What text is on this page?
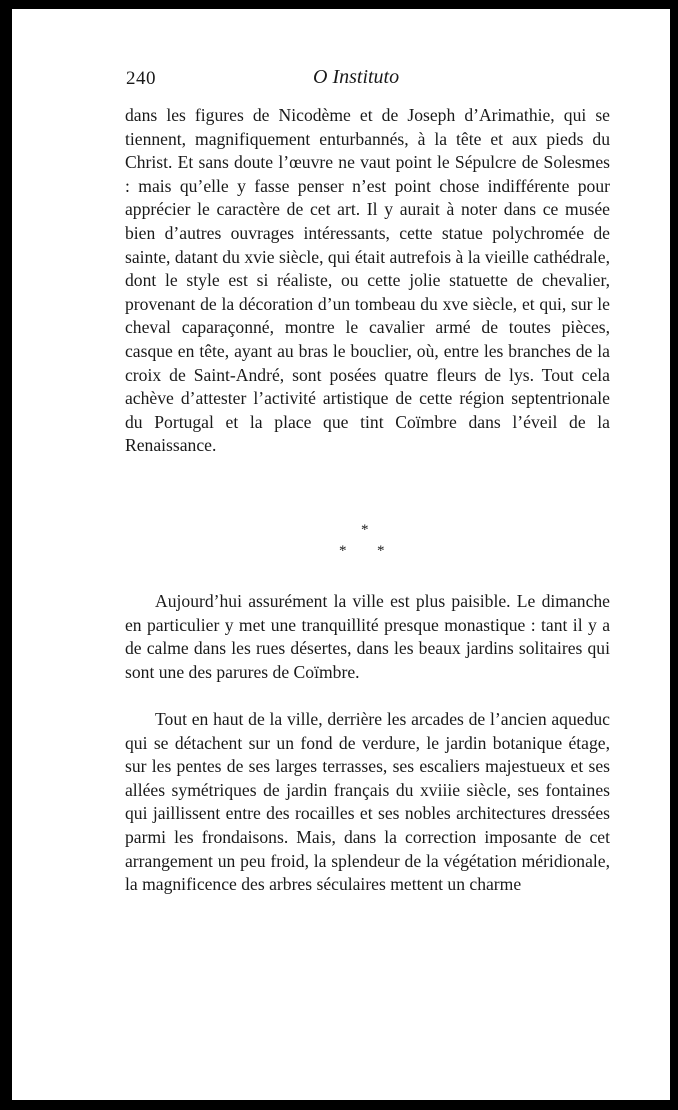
240	O Instituto

dans les figures de Nicodème et de Joseph d’Arimathie, qui se tiennent, magnifiquement enturbannés, à la tête et aux pieds du Christ. Et sans doute l’œuvre ne vaut point le Sépulcre de Solesmes : mais qu’elle y fasse penser n’est point chose indifférente pour apprécier le caractère de cet art. Il y aurait à noter dans ce musée bien d’autres ouvrages intéressants, cette statue polychromée de sainte, datant du xvie siècle, qui était autrefois à la vieille cathédrale, dont le style est si réaliste, ou cette jolie statuette de chevalier, provenant de la décoration d’un tombeau du xve siècle, et qui, sur le cheval caparaçonné, montre le cavalier armé de toutes pièces, casque en tête, ayant au bras le bouclier, où, entre les branches de la croix de Saint-André, sont posées quatre fleurs de lys. Tout cela achève d’attester l’activité artistique de cette région septentrionale du Portugal et la place que tint Coïmbre dans l’éveil de la Renaissance.

*
* *

Aujourd’hui assurément la ville est plus paisible. Le dimanche en particulier y met une tranquillité presque monastique : tant il y a de calme dans les rues désertes, dans les beaux jardins solitaires qui sont une des parures de Coïmbre.

Tout en haut de la ville, derrière les arcades de l’ancien aqueduc qui se détachent sur un fond de verdure, le jardin botanique étage, sur les pentes de ses larges terrasses, ses escaliers majestueux et ses allées symétriques de jardin français du xviiie siècle, ses fontaines qui jaillissent entre des rocailles et ses nobles architectures dressées parmi les frondaisons. Mais, dans la correction imposante de cet arrangement un peu froid, la splendeur de la végétation méridionale, la magnificence des arbres séculaires mettent un charme
